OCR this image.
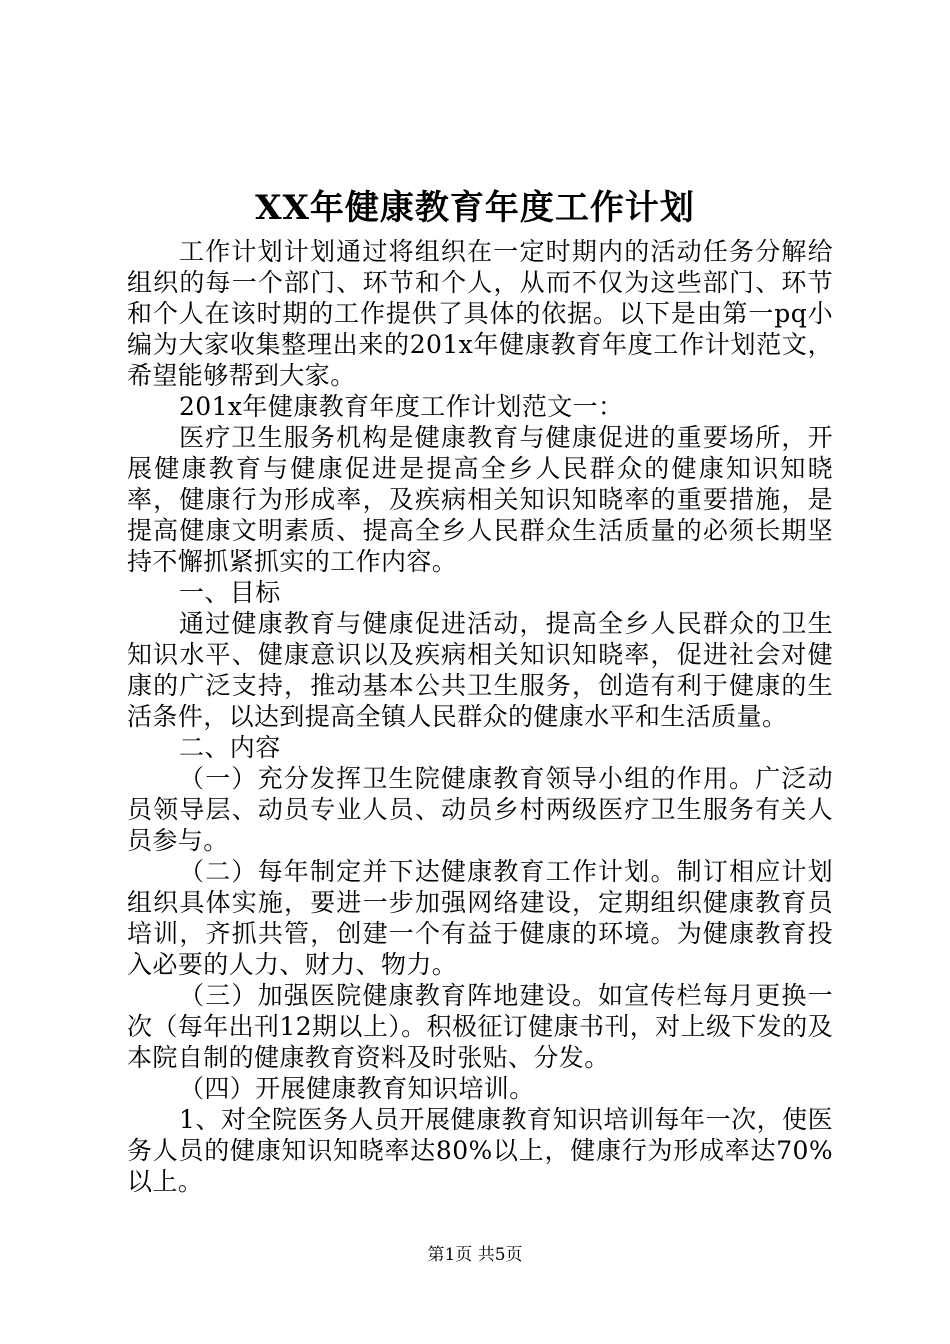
XX年健康教育年度工作计划

工作计划计划通过将组织在一定时期内的活动任务分解给组织的每一个部门、环节和个人，从而不仅为这些部门、环节和个人在该时期的工作提供了具体的依据。以下是由第一pq小编为大家收集整理出来的201x年健康教育年度工作计划范文，希望能够帮到大家。

201x年健康教育年度工作计划范文一：

医疗卫生服务机构是健康教育与健康促进的重要场所，开展健康教育与健康促进是提高全乡人民群众的健康知识知晓率，健康行为形成率，及疾病相关知识知晓率的重要措施，是提高健康文明素质、提高全乡人民群众生活质量的必须长期坚持不懈抓紧抓实的工作内容。

一、目标

通过健康教育与健康促进活动，提高全乡人民群众的卫生知识水平、健康意识以及疾病相关知识知晓率，促进社会对健康的广泛支持，推动基本公共卫生服务，创造有利于健康的生活条件，以达到提高全镇人民群众的健康水平和生活质量。

二、内容

（一）充分发挥卫生院健康教育领导小组的作用。广泛动员领导层、动员专业人员、动员乡村两级医疗卫生服务有关人员参与。

（二）每年制定并下达健康教育工作计划。制订相应计划组织具体实施，要进一步加强网络建设，定期组织健康教育员培训，齐抓共管，创建一个有益于健康的环境。为健康教育投入必要的人力、财力、物力。

（三）加强医院健康教育阵地建设。如宣传栏每月更换一次（每年出刊12期以上）。积极征订健康书刊，对上级下发的及本院自制的健康教育资料及时张贴、分发。

（四）开展健康教育知识培训。

1、对全院医务人员开展健康教育知识培训每年一次，使医务人员的健康知识知晓率达80%以上，健康行为形成率达70%以上。

第1页 共5页
